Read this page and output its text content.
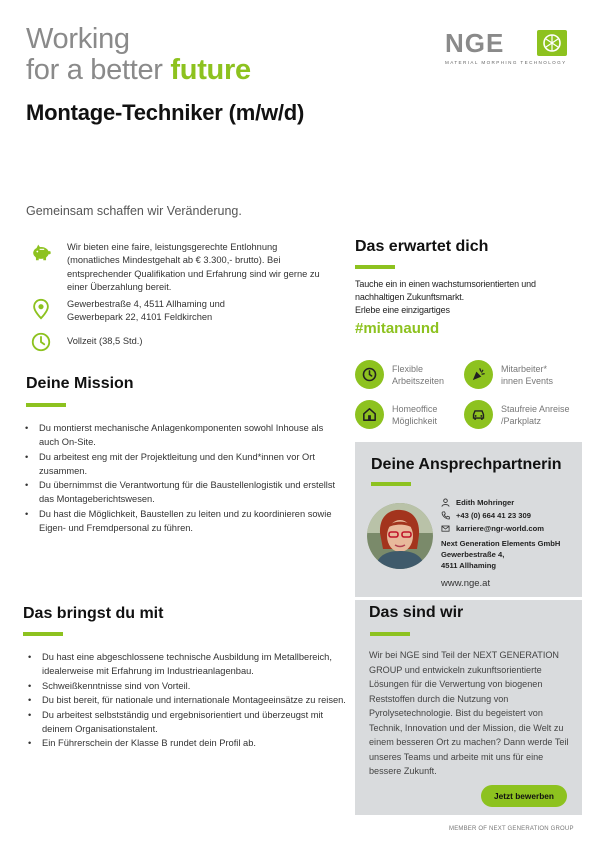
Working
for a better future
NGE
MATERIAL MORPHING TECHNOLOGY
Montage-Techniker (m/w/d)
Gemeinsam schaffen wir Veränderung.
Wir bieten eine faire, leistungsgerechte Entlohnung (monatliches Mindestgehalt ab € 3.300,- brutto). Bei entsprechender Qualifikation und Erfahrung sind wir gerne zu einer Überzahlung bereit.
Gewerbestraße 4, 4511 Allhaming und
Gewerbepark 22, 4101 Feldkirchen
Vollzeit (38,5 Std.)
Deine Mission
• Du montierst mechanische Anlagenkomponenten sowohl Inhouse als auch On-Site.
• Du arbeitest eng mit der Projektleitung und den Kund*innen vor Ort zusammen.
• Du übernimmst die Verantwortung für die Baustellenlogistik und erstellst das Montageberichtswesen.
• Du hast die Möglichkeit, Baustellen zu leiten und zu koordinieren sowie Eigen- und Fremdpersonal zu führen.
Das bringst du mit
• Du hast eine abgeschlossene technische Ausbildung im Metallbereich, idealerweise mit Erfahrung im Industrieanlagenbau.
• Schweißkenntnisse sind von Vorteil.
• Du bist bereit, für nationale und internationale Montageeinsätze zu reisen.
• Du arbeitest selbstständig und ergebnisorientiert und überzeugst mit deinem Organisationstalent.
• Ein Führerschein der Klasse B rundet dein Profil ab.
Das erwartet dich
Tauche ein in einen wachstumsorientierten und
nachhaltigen Zukunftsmarkt.
Erlebe eine einzigartiges
#mitanaund
Flexible
Arbeitszeiten
Mitarbeiter*
innen Events
Homeoffice
Möglichkeit
Staufreie Anreise
/Parkplatz
Deine Ansprechpartnerin
Edith Mohringer
+43 (0) 664 41 23 309
karriere@ngr-world.com
Next Generation Elements GmbH
Gewerbestraße 4,
4511 Allhaming
www.nge.at
Das sind wir
Wir bei NGE sind Teil der NEXT GENERATION GROUP und entwickeln zukunftsorientierte Lösungen für die Verwertung von biogenen Reststoffen durch die Nutzung von Pyrolysetechnologie. Bist du begeistert von Technik, Innovation und der Mission, die Welt zu einem besseren Ort zu machen? Dann werde Teil unseres Teams und arbeite mit uns für eine bessere Zukunft.
Jetzt bewerben
MEMBER OF NEXT GENERATION GROUP
